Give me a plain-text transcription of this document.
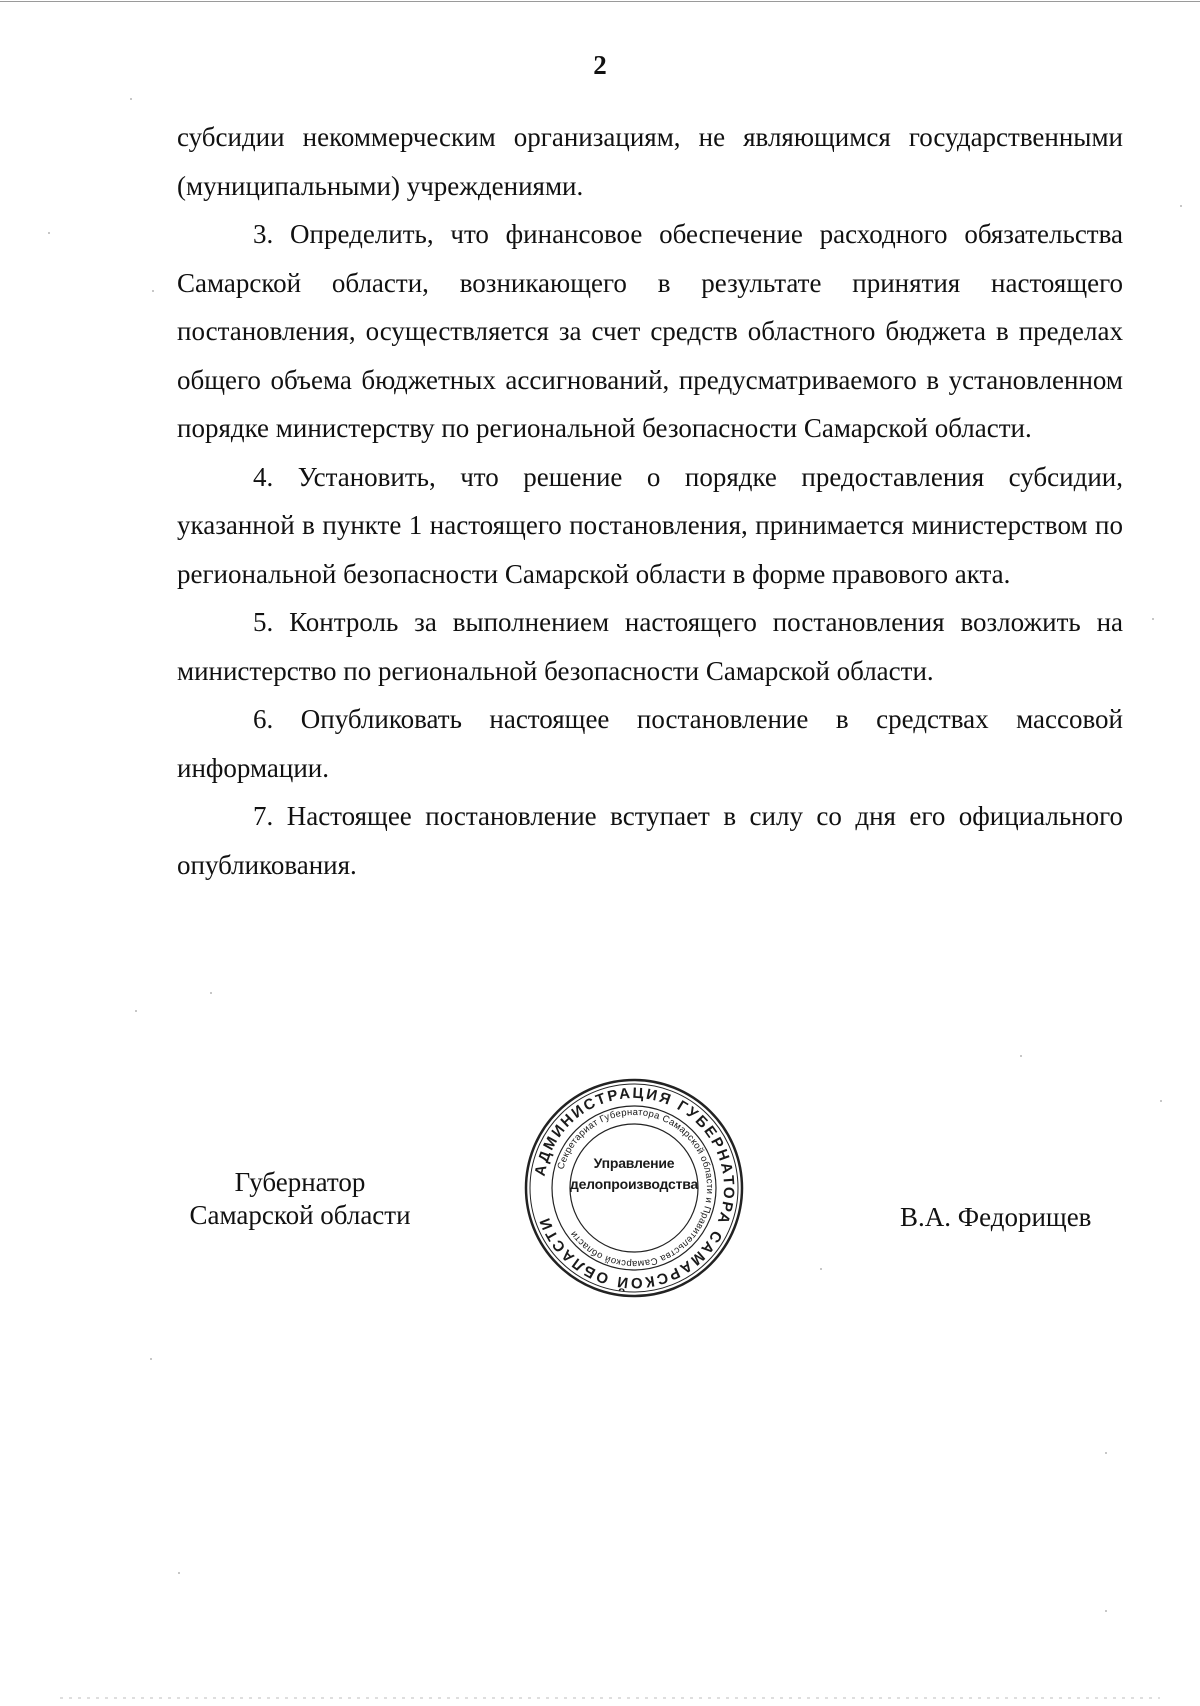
2

субсидии некоммерческим организациям, не являющимся государственными (муниципальными) учреждениями.

3. Определить, что финансовое обеспечение расходного обязательства Самарской области, возникающего в результате принятия настоящего постановления, осуществляется за счет средств областного бюджета в пределах общего объема бюджетных ассигнований, предусматриваемого в установленном порядке министерству по региональной безопасности Самарской области.

4. Установить, что решение о порядке предоставления субсидии, указанной в пункте 1 настоящего постановления, принимается министерством по региональной безопасности Самарской области в форме правового акта.

5. Контроль за выполнением настоящего постановления возложить на министерство по региональной безопасности Самарской области.

6. Опубликовать настоящее постановление в средствах массовой информации.

7. Настоящее постановление вступает в силу со дня его официального опубликования.

Губернатор
Самарской области
АДМИНИСТРАЦИЯ ГУБЕРНАТОРА САМАРСКОЙ ОБЛАСТИ
Секретариат Губернатора Самарской области и Правительства Самарской области
Управление
делопроизводства
В.А. Федорищев
